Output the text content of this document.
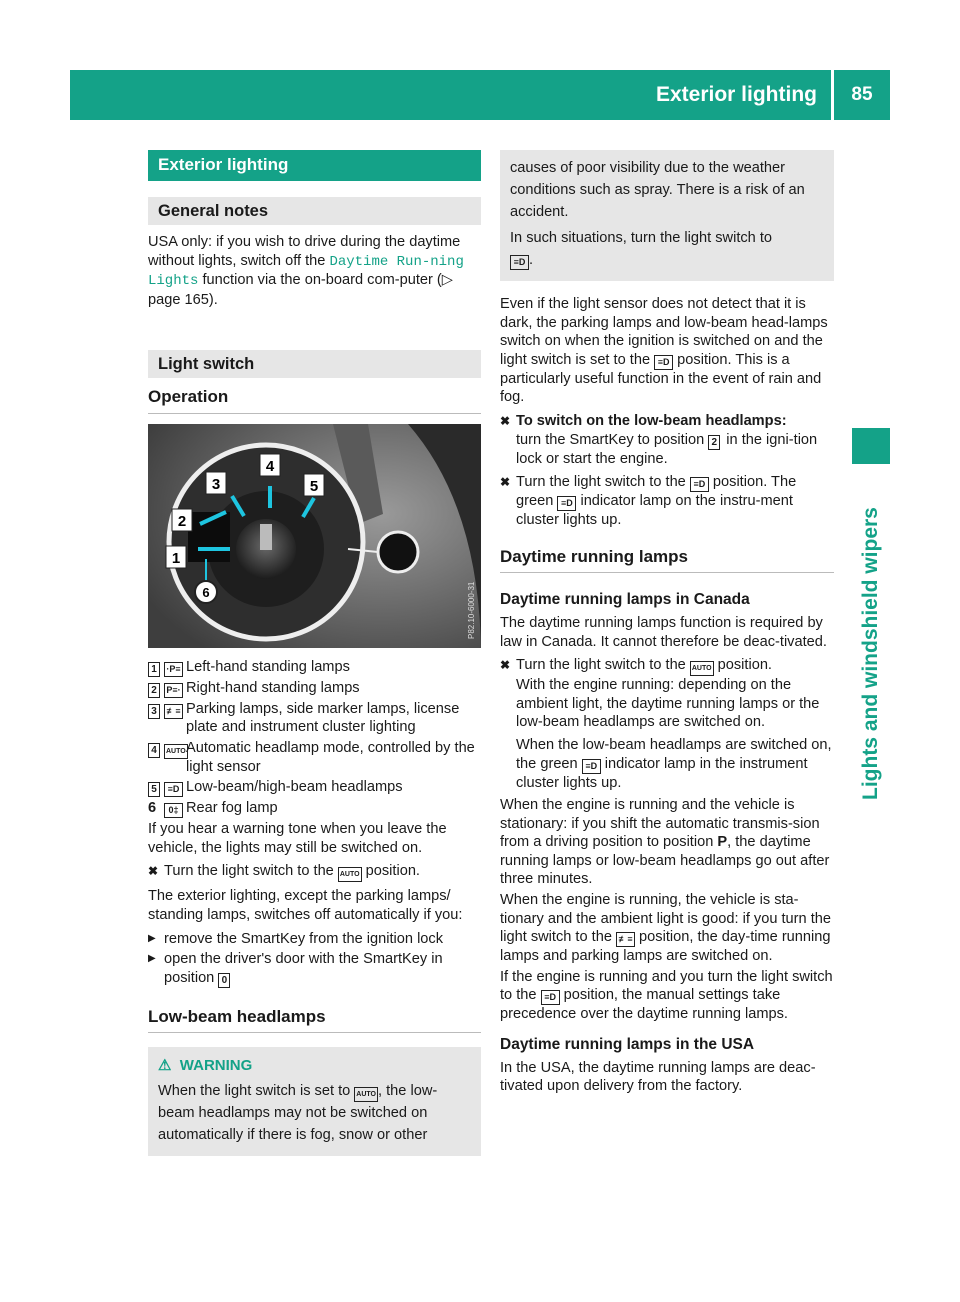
Exterior lighting	85
Lights and windshield wipers
Exterior lighting
General notes

USA only: if you wish to drive during the daytime without lights, switch off the Daytime Run‐ning Lights function via the on-board com-puter (▷ page 165).

Light switch

Operation

1
2
3
4
5
6	P82.10-6000-31
1	·P≡ Left-hand standing lamps
2	P≡· Right-hand standing lamps
3	≢≡ Parking lamps, side marker lamps, license plate and instrument cluster lighting
4	AUTO Automatic headlamp mode, controlled by the light sensor
5	≡D Low-beam/high-beam headlamps
6	0‡ Rear fog lamp

If you hear a warning tone when you leave the vehicle, the lights may still be switched on.

✖ Turn the light switch to the AUTO position.

The exterior lighting, except the parking lamps/ standing lamps, switches off automatically if you:

▶ remove the SmartKey from the ignition lock
▶ open the driver's door with the SmartKey in position 0

Low-beam headlamps

⚠ WARNING

When the light switch is set to AUTO , the low-beam headlamps may not be switched on automatically if there is fog, snow or other

causes of poor visibility due to the weather conditions such as spray. There is a risk of an accident.

In such situations, turn the light switch to
≡D .

Even if the light sensor does not detect that it is dark, the parking lamps and low-beam head-lamps switch on when the ignition is switched on and the light switch is set to the ≡D position. This is a particularly useful function in the event of rain and fog.

✖ To switch on the low-beam headlamps:
turn the SmartKey to position 2 in the igni-tion lock or start the engine.
✖ Turn the light switch to the ≡D position. The green ≡D indicator lamp on the instru-ment cluster lights up.

Daytime running lamps

Daytime running lamps in Canada

The daytime running lamps function is required by law in Canada. It cannot therefore be deac-tivated.

✖ Turn the light switch to the AUTO position.
With the engine running: depending on the ambient light, the daytime running lamps or the low-beam headlamps are switched on.
When the low-beam headlamps are switched on, the green ≡D indicator lamp in the instrument cluster lights up.

When the engine is running and the vehicle is stationary: if you shift the automatic transmis-sion from a driving position to position P, the daytime running lamps or low-beam headlamps go out after three minutes.

When the engine is running, the vehicle is sta-tionary and the ambient light is good: if you turn the light switch to the ≢≡ position, the day-time running lamps and parking lamps are switched on.

If the engine is running and you turn the light switch to the ≡D position, the manual settings take precedence over the daytime running lamps.

Daytime running lamps in the USA

In the USA, the daytime running lamps are deac-tivated upon delivery from the factory.
